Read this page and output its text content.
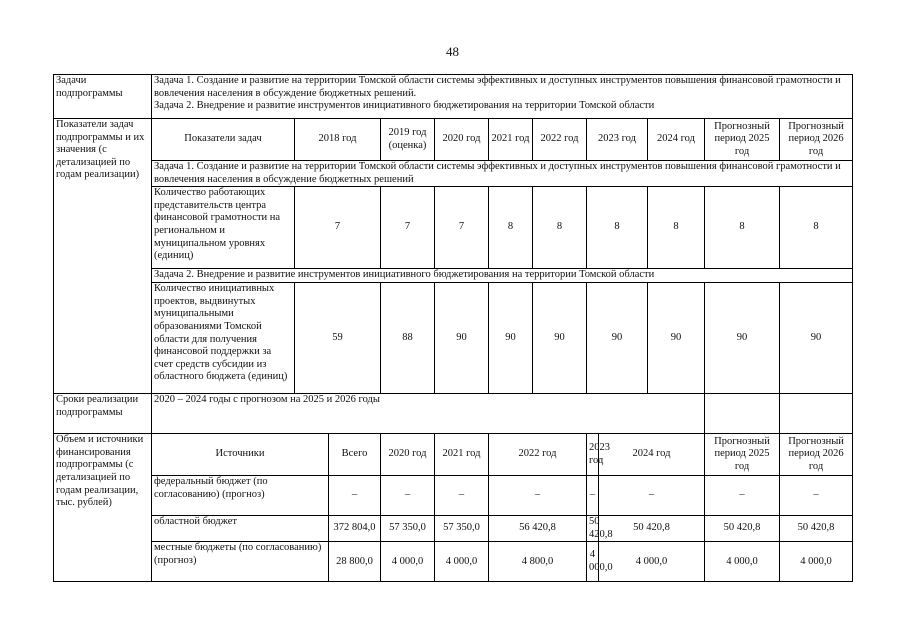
48
Задачи подпрограммы	Задача 1. Создание и развитие на территории Томской области системы эффективных и доступных инструментов повышения финансовой грамотности и вовлечения населения в обсуждение бюджетных решений.
Задача 2. Внедрение и развитие инструментов инициативного бюджетирования на территории Томской области											

Показатели задач подпрограммы и их значения (с детализацией по годам реализации)	Показатели задач	2018 год		2019 год (оценка)	2020 год	2021 год	2022 год	2023 год		2024 год	Прогнозный период 2025 год	Прогнозный период 2026 год
	Задача 1. Создание и развитие на территории Томской области системы эффективных и доступных инструментов повышения финансовой грамотности и вовлечения населения в обсуждение бюджетных решений											
	Количество работающих представительств центра финансовой грамотности на региональном и муниципальном уровнях (единиц)	7		7	7	8	8	8		8	8	8
	Задача 2. Внедрение и развитие инструментов инициативного бюджетирования на территории Томской области											
	Количество инициативных проектов, выдвинутых муниципальными образованиями Томской области для получения финансовой поддержки за счет средств субсидии из областного бюджета (единиц)	59		88	90	90	90	90		90	90	90
Сроки реализации подпрограммы	2020 – 2024 годы с прогнозом на 2025 и 2026 годы											
Объем и источники финансирования подпрограммы (с детализацией по годам реализации, тыс. рублей)	Источники		Всего	2020 год	2021 год	2022 год		2023 год	2024 год		Прогнозный период 2025 год	Прогнозный период 2026 год
	федеральный бюджет (по согласованию) (прогноз)		–	–	–	–		–	–		–	–
	областной бюджет		372 804,0	57 350,0	57 350,0	56 420,8		50 420,8	50 420,8		50 420,8	50 420,8
	местные бюджеты (по согласованию) (прогноз)		28 800,0	4 000,0	4 000,0	4 800,0		4 000,0	4 000,0		4 000,0	4 000,0
